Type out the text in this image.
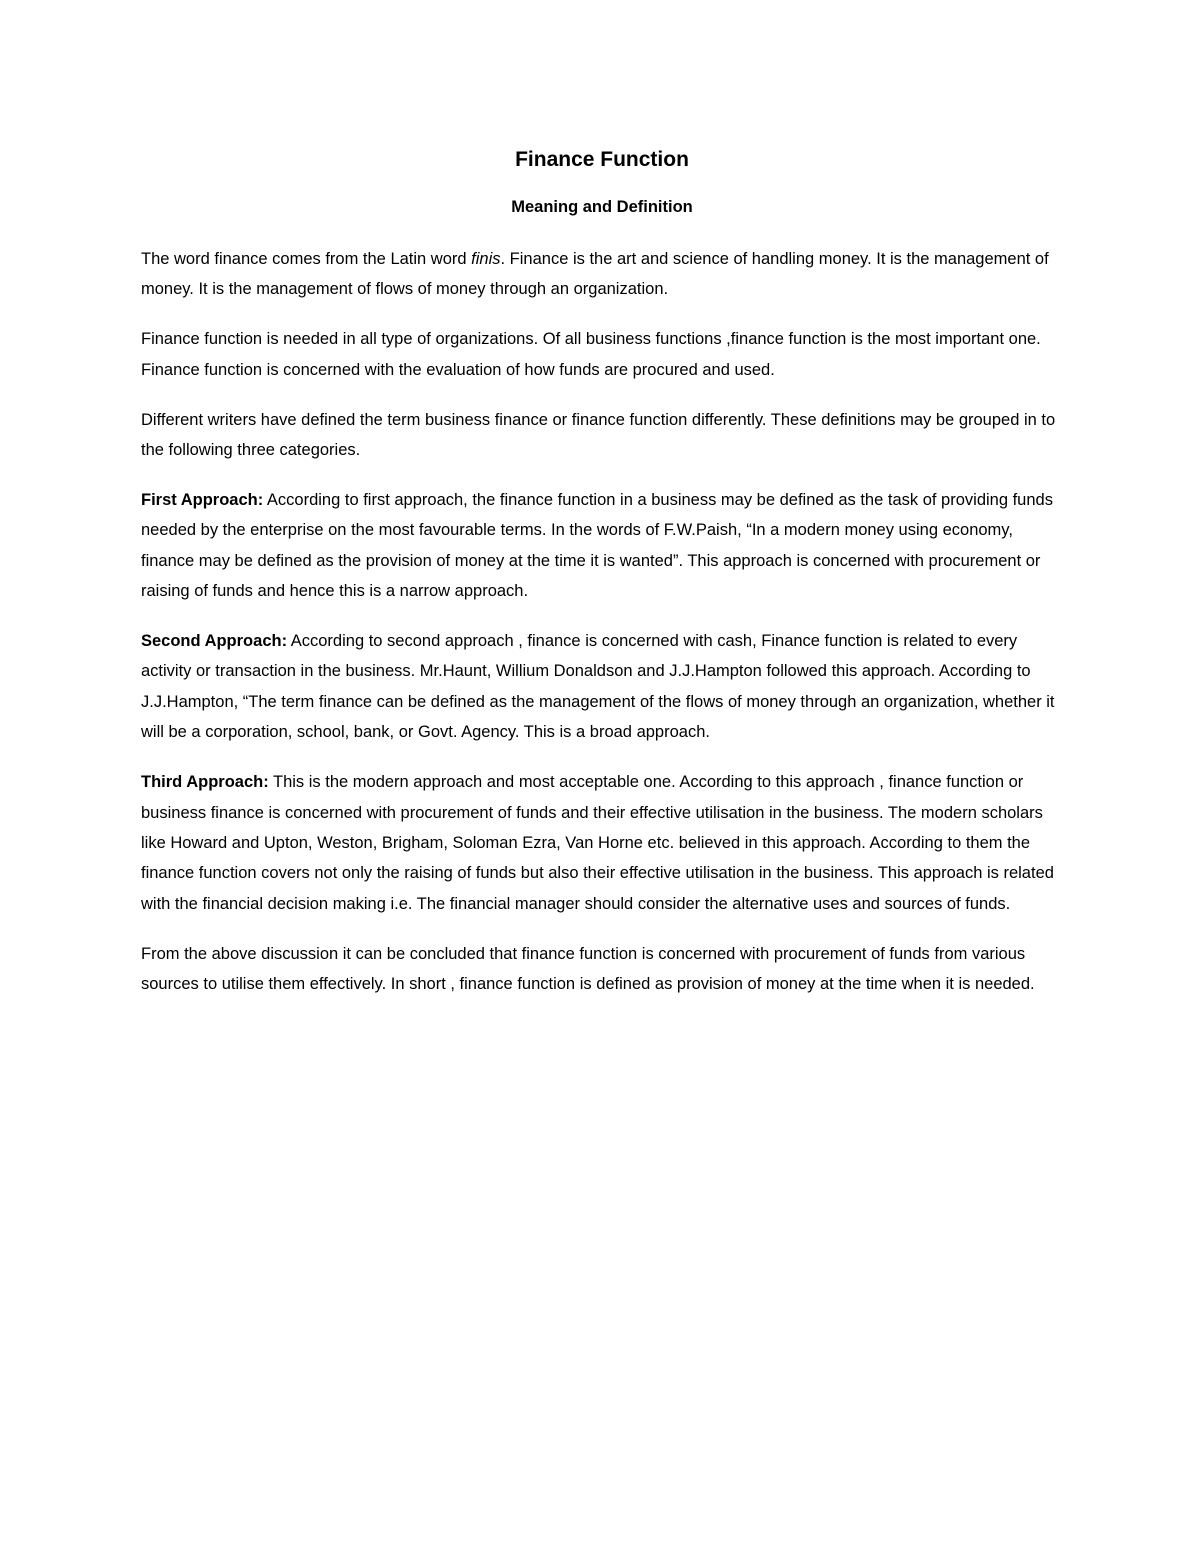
Finance Function
Meaning and Definition

The word finance comes from the Latin word finis. Finance is the art and science of handling money. It is the management of money. It is the management of flows of money through an organization.

Finance function is needed in all type of organizations. Of all business functions ,finance function is the most important one. Finance function is concerned with the evaluation of how funds are procured and used.

Different writers have defined the term business finance or finance function differently. These definitions may be grouped in to the following three categories.

First Approach: According to first approach, the finance function in a business may be defined as the task of providing funds needed by the enterprise on the most favourable terms. In the words of F.W.Paish, “In a modern money using economy, finance may be defined as the provision of money at the time it is wanted”. This approach is concerned with procurement or raising of funds and hence this is a narrow approach.

Second Approach: According to second approach , finance is concerned with cash, Finance function is related to every activity or transaction in the business. Mr.Haunt, Willium Donaldson and J.J.Hampton followed this approach. According to J.J.Hampton, “The term finance can be defined as the management of the flows of money through an organization, whether it will be a corporation, school, bank, or Govt. Agency. This is a broad approach.

Third Approach: This is the modern approach and most acceptable one. According to this approach , finance function or business finance is concerned with procurement of funds and their effective utilisation in the business. The modern scholars like Howard and Upton, Weston, Brigham, Soloman Ezra, Van Horne etc. believed in this approach. According to them the finance function covers not only the raising of funds but also their effective utilisation in the business. This approach is related with the financial decision making i.e. The financial manager should consider the alternative uses and sources of funds.

From the above discussion it can be concluded that finance function is concerned with procurement of funds from various sources to utilise them effectively. In short , finance function is defined as provision of money at the time when it is needed.
